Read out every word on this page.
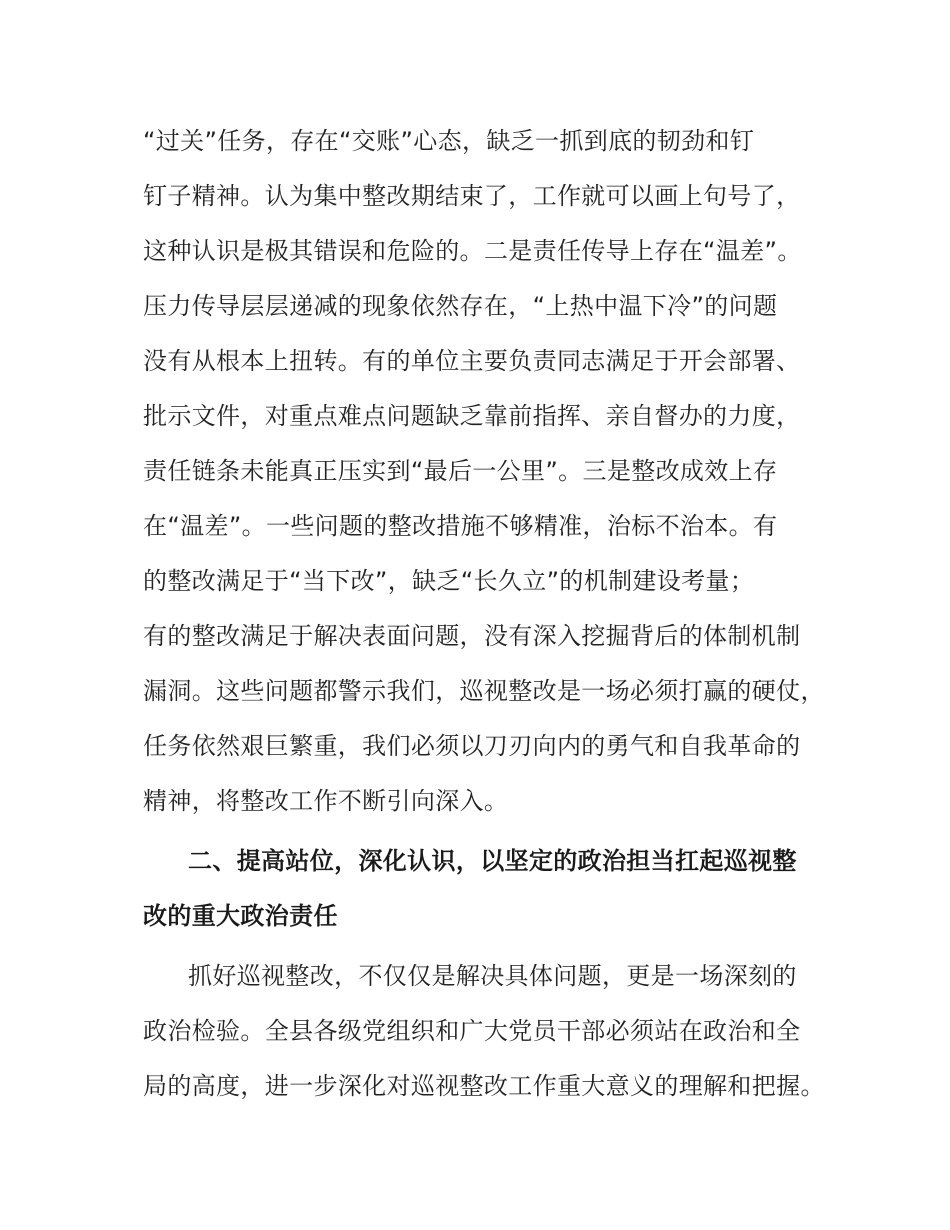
“过关”任务，存在“交账”心态，缺乏一抓到底的韧劲和钉
钉子精神。认为集中整改期结束了，工作就可以画上句号了，
这种认识是极其错误和危险的。二是责任传导上存在“温差”。
压力传导层层递减的现象依然存在，“上热中温下冷”的问题
没有从根本上扭转。有的单位主要负责同志满足于开会部署、
批示文件，对重点难点问题缺乏靠前指挥、亲自督办的力度，
责任链条未能真正压实到“最后一公里”。三是整改成效上存
在“温差”。一些问题的整改措施不够精准，治标不治本。有
的整改满足于“当下改”，缺乏“长久立”的机制建设考量；
有的整改满足于解决表面问题，没有深入挖掘背后的体制机制
漏洞。这些问题都警示我们，巡视整改是一场必须打赢的硬仗，
任务依然艰巨繁重，我们必须以刀刃向内的勇气和自我革命的
精神，将整改工作不断引向深入。
二、提高站位，深化认识，以坚定的政治担当扛起巡视整
改的重大政治责任
抓好巡视整改，不仅仅是解决具体问题，更是一场深刻的
政治检验。全县各级党组织和广大党员干部必须站在政治和全
局的高度，进一步深化对巡视整改工作重大意义的理解和把握。
